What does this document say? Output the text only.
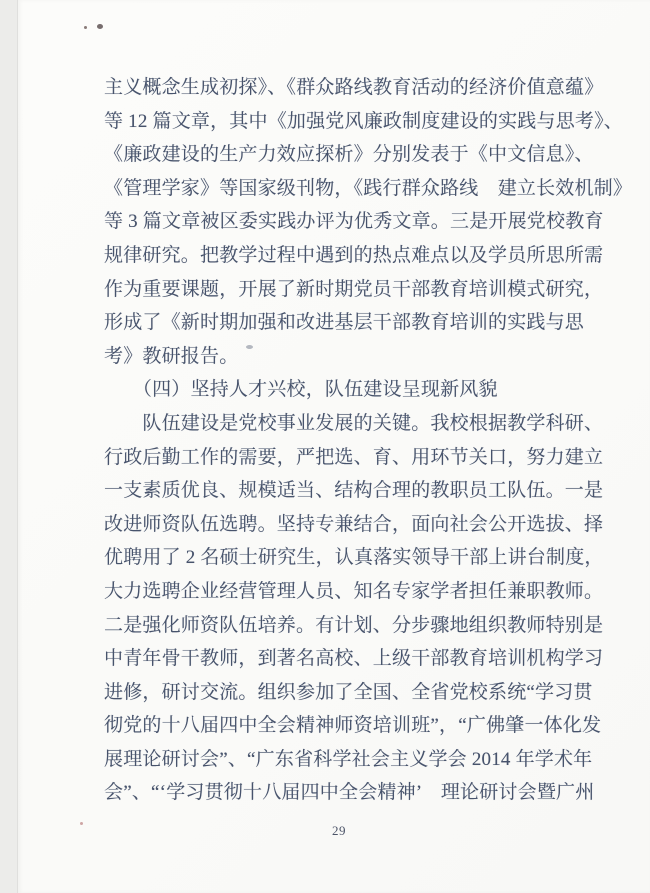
主义概念生成初探》、《群众路线教育活动的经济价值意蕴》
等 12 篇文章，其中《加强党风廉政制度建设的实践与思考》、
《廉政建设的生产力效应探析》分别发表于《中文信息》、
《管理学家》等国家级刊物，《践行群众路线　建立长效机制》
等 3 篇文章被区委实践办评为优秀文章。三是开展党校教育
规律研究。把教学过程中遇到的热点难点以及学员所思所需
作为重要课题，开展了新时期党员干部教育培训模式研究，
形成了《新时期加强和改进基层干部教育培训的实践与思
考》教研报告。
　　（四）坚持人才兴校，队伍建设呈现新风貌
　　队伍建设是党校事业发展的关键。我校根据教学科研、
行政后勤工作的需要，严把选、育、用环节关口，努力建立
一支素质优良、规模适当、结构合理的教职员工队伍。一是
改进师资队伍选聘。坚持专兼结合，面向社会公开选拔、择
优聘用了 2 名硕士研究生，认真落实领导干部上讲台制度，
大力选聘企业经营管理人员、知名专家学者担任兼职教师。
二是强化师资队伍培养。有计划、分步骤地组织教师特别是
中青年骨干教师，到著名高校、上级干部教育培训机构学习
进修，研讨交流。组织参加了全国、全省党校系统“学习贯
彻党的十八届四中全会精神师资培训班”，“广佛肇一体化发
展理论研讨会”、“广东省科学社会主义学会 2014 年学术年
会”、“‘学习贯彻十八届四中全会精神’　理论研讨会暨广州
29
